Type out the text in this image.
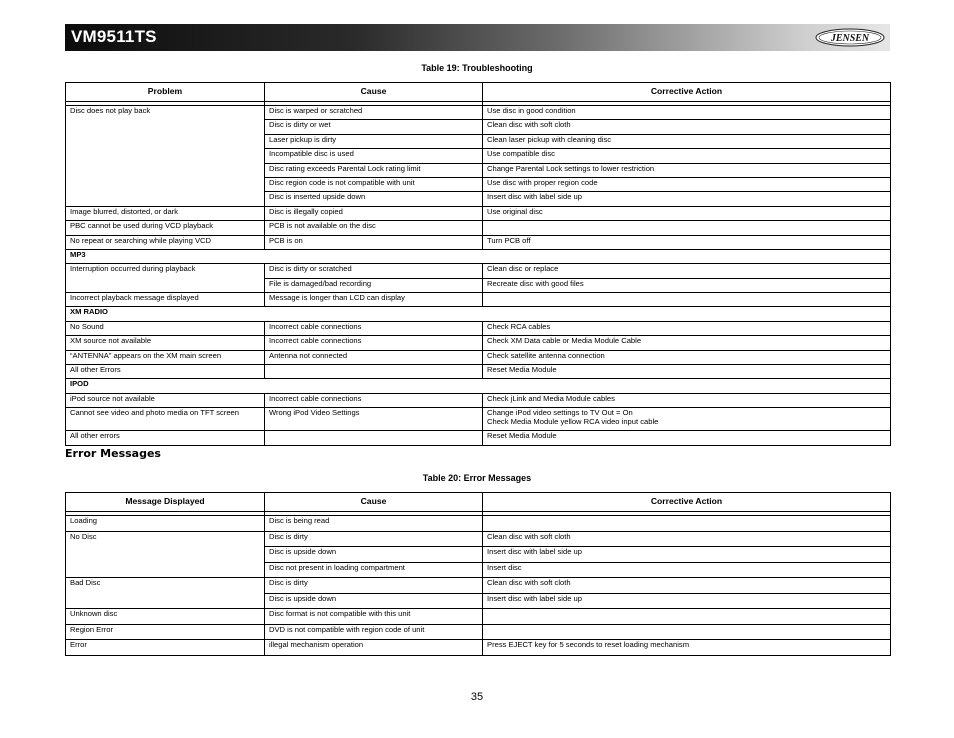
VM9511TS	JENSEN
Table 19: Troubleshooting
Problem	Cause	Corrective Action

Disc does not play back	Disc is warped or scratched	Use disc in good condition

	Disc is dirty or wet	Clean disc with soft cloth

	Laser pickup is dirty	Clean laser pickup with cleaning disc

	Incompatible disc is used	Use compatible disc

	Disc rating exceeds Parental Lock rating limit	Change Parental Lock settings to lower restriction

	Disc region code is not compatible with unit	Use disc with proper region code

	Disc is inserted upside down	Insert disc with label side up

Image blurred, distorted, or dark	Disc is illegally copied	Use original disc

PBC cannot be used during VCD playback	PCB is not available on the disc	

No repeat or searching while playing VCD	PCB is on	Turn PCB off

MP3		

Interruption occurred during playback	Disc is dirty or scratched	Clean disc or replace

	File is damaged/bad recording	Recreate disc with good files

Incorrect playback message displayed	Message is longer than LCD can display	

XM RADIO		

No Sound	Incorrect cable connections	Check RCA cables

XM source not available	Incorrect cable connections	Check XM Data cable or Media Module Cable

“ANTENNA” appears on the XM main screen	Antenna not connected	Check satellite antenna connection

All other Errors		Reset Media Module

IPOD		

iPod source not available	Incorrect cable connections	Check jLink and Media Module cables

Cannot see video and photo media on TFT screen	Wrong iPod Video Settings	Change iPod video settings to TV Out = On
Check Media Module yellow RCA video input cable

All other errors		Reset Media Module
Error Messages
Table 20: Error Messages
Message Displayed	Cause	Corrective Action

Loading	Disc is being read	

No Disc	Disc is dirty	Clean disc with soft cloth

	Disc is upside down	Insert disc with label side up

	Disc not present in loading compartment	Insert disc

Bad Disc	Disc is dirty	Clean disc with soft cloth

	Disc is upside down	Insert disc with label side up

Unknown disc	Disc format is not compatible with this unit	

Region Error	DVD is not compatible with region code of unit	

Error	illegal mechanism operation	Press EJECT key for 5 seconds to reset loading mechanism
35
